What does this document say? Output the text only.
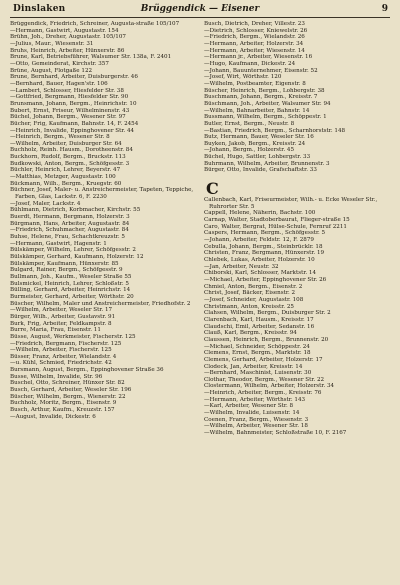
Dinslaken	Brüggendick — Eisener	9

Brüggendick, Friedrich, Schreiner, Augusta-straße 105/107

—Hermann, Gastwirt, Augustastr. 154

Brühn, Joh., Dreher, Augustastr. 105/107

—Julius, Maur., Wiesenstr. 31

Bruhs, Heinrich, Arbeiter, Hünxerstr. 86

Brune, Karl, Betriebsführer, Walsumer Str. 138a, F. 2401

—Otto, Gemeinderat, Kirchstr. 357

Brüne, August, Flotgaße 122

Brune, Bernhard, Arbeiter, Duisburgerstr. 46

—Bernhard, Bauer, Hagen'str. 106

—Lambert, Schlosser, Hiesfelder Str. 38

—Gottfried, Bergmann, Hiesfelder Str. 90

Brunsmann, Johann, Bergm., Heinrichstr. 10

Bubert, Ernst, Friseur, Wilhelminenstr. 43

Büchel, Johann, Bergm., Wesener Str. 97

Bücher, Frig, Kaufmann, Bahnstr. 14, F. 2454

—Heinrich, Invalide, Eppinghovener Str. 44

—Heinrich, Bergm., Wesener Str. 8

—Wilhelm, Arbeiter, Duisburger Str. 64

Buchholz, Reinh. Hausm., Dorotheenstr. 84

Buckhorn, Rudolf, Bergm., Bruckstr. 113

Budkowski, Anton, Bergm., Schöfgesstr. 3

Büchler, Heinrich, Lehrer, Beyerstr. 47

—Matthias, Metzger, Augustastr. 100

Bückmann, Wilh., Bergm., Kruegstr. 60

Büchner, Josef, Maler- u. Anstreichermeister, Tapeten, Teppiche, Farben, Glas, Lackstr. 6, F. 2230

—Josef, Maler, Lackstr. 4

Bühlmann, Dietrich, Korbmacher, Kirchstr. 55

Buerdt, Hermann, Bergmann, Holzerstr. 3

Bürgmann, Hans, Arbeiter, Augustastr. 84

—Friedrich, Schuhmacher, Augustastr. 84

Buhse, Helene, Frau, Schachtkreuzstr. 5

—Hermann, Gastwirt, Hagenstr. 1

Bülskämper, Wilhelm, Lehrer, Schöfgesstr. 2

Bülskämper, Gerhard, Kaufmann, Holzerstr. 12

Bülskämper, Kaufmann, Hünxerstr. 85

Bulgard, Rainer, Bergm., Schöfgesstr. 9

Bullmann, Joh., Kaufm., Weseler Straße 55

Bulsmickel, Heinrich, Lehrer, Schloßstr. 5

Bülling, Gerhard, Arbeiter, Heinrichstr. 14

Burmeister, Gerhard, Arbeiter, Wörthstr. 20

Büscher, Wilhelm, Maler und Anstreichermeister, Friedhofstr. 2

—Wilhelm, Arbeiter, Weseler Str. 17

Bürger, Wilh., Arbeiter, Gustavstr. 91

Burk, Frig, Arbeiter, Feldkampstr. 8

Burre, Maria, Frau, Eisenstr. 11

Büsse, August, Werkmeister, Fischerstr. 125

—Friedrich, Bergmann, Fischerstr. 125

—Wilhelm, Arbeiter, Fischerstr. 125

Büsser, Franz, Arbeiter, Wielandstr. 4

—u. Kühl, Schmied, Friedrichstr. 42

Bursmann, August, Bergm., Eppinghovener Straße 36

Busse, Wilhelm, Invalide, Str. 96

Buschel, Otto, Schreiner, Hünxer Str. 82

Busch, Gerhard, Arbeiter, Weseler Str. 196

Büscher, Wilhelm, Bergm., Wienerstr. 22

Buchholz, Moritz, Bergm., Eisenstr. 9

Busch, Arthur, Kaufm., Kreuzstr. 157

—August, Invalide, Dickestr. 6

Busch, Dietrich, Dreher, Villestr. 23

—Dietrich, Schlosser, Kniewelstr. 26

—Friedrich, Bergm., Wielandstr. 26

—Hermann, Arbeiter, Holzerstr. 34

—Hermann, Arbeiter, Wiesenstr. 14

—Hermann jr., Arbeiter, Wiesenstr. 16

—Hugo, Kaufmann, Dickestr. 24

—Johann, Bauunternehmer, Eisenstr. 52

—Josef, Wirt, Wörthstr. 120

—Wilhelm, Postbeamter, Eigenstr. 8

Büscher, Heinrich, Bergm., Lohbergstr. 38

Buschmann, Johann, Bergm., Kreisstr. 7

Büschmann, Joh., Arbeiter, Walsumer Str. 94

—Wilhelm, Bahnarbeiter, Bahnstr. 14

Bussmann, Wilhelm, Bergm., Schöppestr. 1

Butler, Ernst, Bergm., Neustr. 8

—Bastian, Friedrich, Bergm., Scharnhorststr. 148

Butz, Hermann, Bauer, Weseler Str. 16

Buyken, Jakob, Bergm., Kreisstr. 24

—Johann, Bergm., Holzerstr. 45

Büchel, Hugo, Sattler, Lohbergstr. 33

Buhrmann, Wilhelm, Arbeiter, Brunnenstr. 3

Bürger, Otto, Invalide, Grafschaftstr. 33

C

Callenbach, Karl, Friseurmeister, Wilh.- u. Ecke Weseler Str., Ruhrorter Str. 5

Cappell, Helene, Näherin, Bachstr. 100

Carnap, Walter, Stadtoberbaurat, Flieger-straße 15

Caro, Walter, Bergrat, Hülse-Schule, Fernruf 2211

Caspers, Hermann, Bergm., Schöfgesstr. 5

—Johann, Arbeiter, Feldstr. 12, F. 2879

Cebulla, Johann, Bergm., Steinbrücklr. 18

Christen, Franz, Bergmann, Hünxerstr. 19

Chlebek, Lukas, Arbeiter, Holzerstr. 10

—Jan, Arbeiter, Neustr. 32

Chiborski, Karl, Schlosser, Marktstr. 14

—Michael, Arbeiter, Eppinghovener Str. 26

Chmiel, Anton, Bergm., Eisenstr. 2

Christ, Josef, Bäcker, Eisenstr. 2

—Josef, Schneider, Augustastr. 108

Christmann, Anton, Kreisstr. 25

Clahsen, Wilhelm, Bergm., Duisburger Str. 2

Clarenbach, Karl, Hausm., Kreisstr. 17

Claudschi, Emil, Arbeiter, Sedanstr. 16

Clauß, Karl, Bergm., Kreisstr. 94

Claussen, Heinrich, Bergm., Brunnenstr. 20

—Michael, Schneider, Schöppestr. 24

Clemens, Ernst, Bergm., Marktstr. 18

Clemens, Gerhard, Arbeiter, Holzerstr. 17

Clodeck, Jan, Arbeiter, Kreisstr. 14

—Bernhard, Maschinist, Luisenstr. 30

Clothar, Theodor, Bergm., Wesener Str. 22

Clostermann, Wilhelm, Arbeiter, Holzerstr. 34

—Heinrich, Arbeiter, Bergm., Kreisstr. 76

—Hermann, Arbeiter, Wörthstr. 143

—Karl, Arbeiter, Wesener Str. 8

—Wilhelm, Invalide, Luisenstr. 14

Coenen, Franz, Bergm., Wiesenstr. 3

—Wilhelm, Arbeiter, Wesener Str. 18

—Wilhelm, Bahnmeister, Schloßstraße 10, F. 2167
